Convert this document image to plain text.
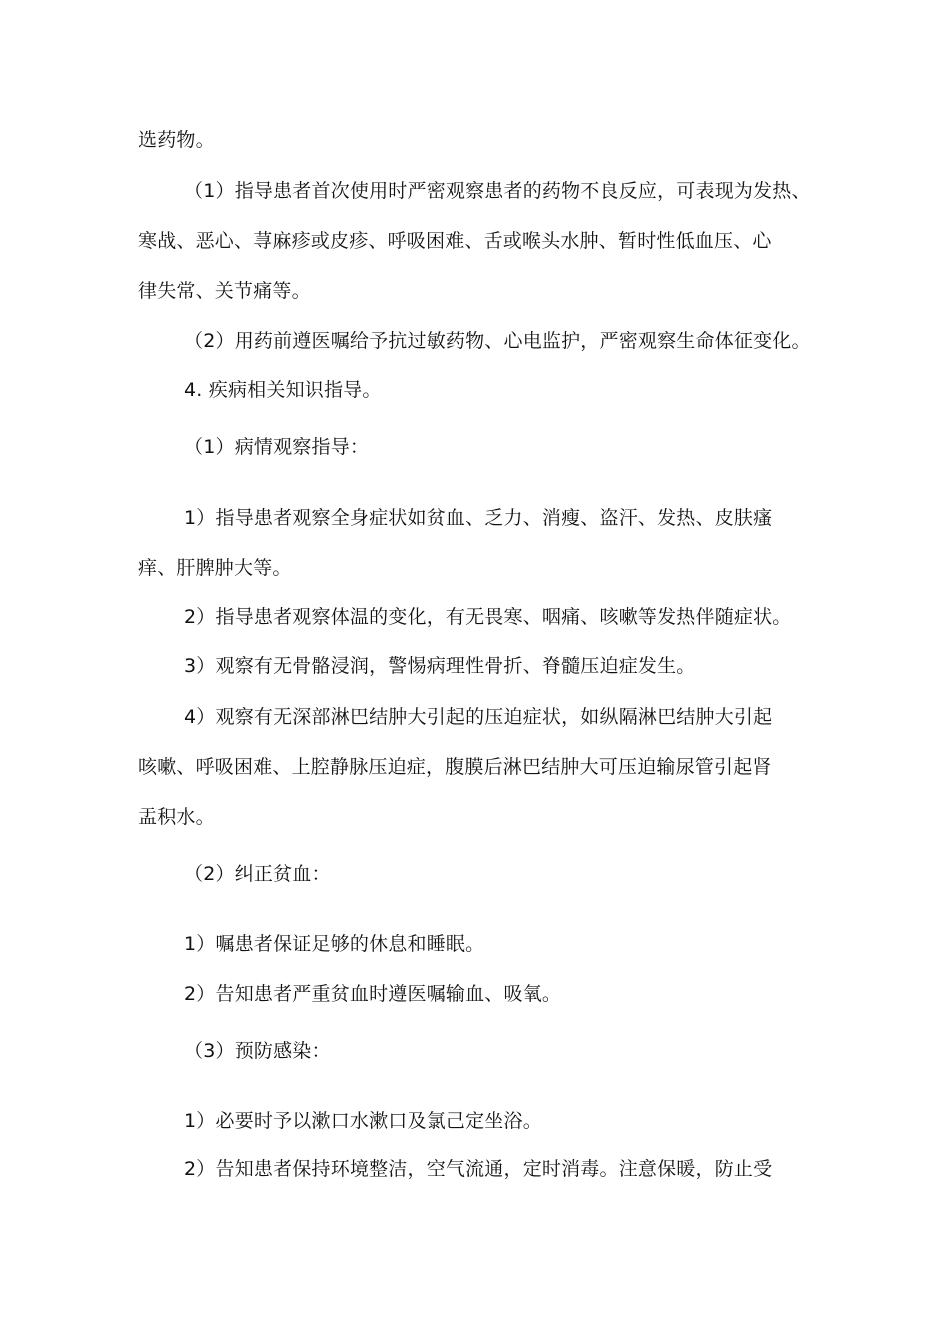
选药物。
（1）指导患者首次使用时严密观察患者的药物不良反应，可表现为发热、
寒战、恶心、荨麻疹或皮疹、呼吸困难、舌或喉头水肿、暂时性低血压、心
律失常、关节痛等。
（2）用药前遵医嘱给予抗过敏药物、心电监护，严密观察生命体征变化。
4. 疾病相关知识指导。
（1）病情观察指导：
1）指导患者观察全身症状如贫血、乏力、消瘦、盗汗、发热、皮肤瘙
痒、肝脾肿大等。
2）指导患者观察体温的变化，有无畏寒、咽痛、咳嗽等发热伴随症状。
3）观察有无骨骼浸润，警惕病理性骨折、脊髓压迫症发生。
4）观察有无深部淋巴结肿大引起的压迫症状，如纵隔淋巴结肿大引起
咳嗽、呼吸困难、上腔静脉压迫症，腹膜后淋巴结肿大可压迫输尿管引起肾
盂积水。
（2）纠正贫血：
1）嘱患者保证足够的休息和睡眠。
2）告知患者严重贫血时遵医嘱输血、吸氧。
（3）预防感染：
1）必要时予以漱口水漱口及氯己定坐浴。
2）告知患者保持环境整洁，空气流通，定时消毒。注意保暖，防止受
